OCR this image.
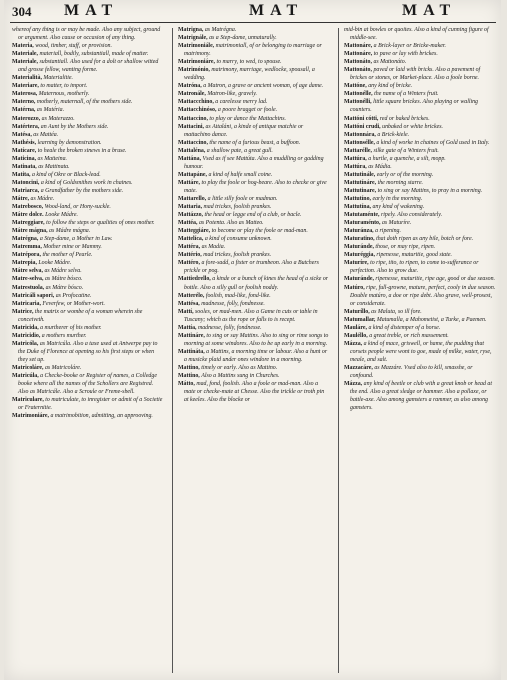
304 MAT	MAT	MAT

whereof any thing is or may be made. Also any subject, ground or argument. Also cause or occasion of any thing.

Materia, wood, timber, stuff, or provision.

Materiale, materiall, bodily, substantiall, made of matter.

Materiale, substantiall. Also used for a dolt or shallow witted and grosse fellow, wanting forme.

Materialità, Materialitie.

Materiare, to matter, to import.

Materosa, Maternous, motherly.

Materno, motherly, maternall, of the mothers side.

Matérna, as Matéria.

Materozzo, as Materazzo.

Matértera, an Aunt by the Mothers side.

Matésa, as Mattéa.

Mathésis, learning by demonstration.

Matícare, to heale the broken sinews in a bruse.

Maticina, as Matteina.

Matinata, as Mattinata.

Matita, a kind of Okre or Black-lead.

Matoncini, a kind of Goldsmithes work in chaines.

Matriarca, a Grandfather by the mothers side.

Mátre, as Mádre.

Matrebosco, Wood-land, or Hony-suckle.

Mátre dolce. Looke Mádre.

Matreggiare, to follow the steps or qualities of ones mother.

Mátre mágna, as Mádre mágna.

Matrégna, a Step-dame, a Mother in Law.

Matremma, Mother mine or Mammy.

Matrépora, the mother of Pearle.

Matrepia, Looke Mádre.

Mátre selva, as Mádre selva.

Matre-selva, as Mátre bósco.

Matrestuola, as Mátre bósco.

Matricáli sapori, as Profocatine.

Matricaria, Feverfew, or Mother-wort.

Matrice, the matrix or wombe of a woman wherein she conceiveth.

Matricida, a murtherer of his mother.

Matricidio, a mothers murther.

Matricóla, as Matricúla. Also a taxe used at Antwerpe pay to the Duke of Florence at opening so his first steps or when they set up.

Matricoláre, as Matricoláre.

Matricúla, a Checke-booke or Register of names, a Colledge booke where all the names of the Schollers are Registred. Also as Matricále. Also a Scroule or Freme-sbell.

Matriculare, to matriculate, to inregister or admit of a Societie or Fraternitie.

Matrimoniáre, a matrimobition, admitting, an approoving.

Matrigna, as Matrégna.

Matrignále, as a Step-dame, unnaturally.

Matrimoniále, matrimoniall, of or belonging to marriage or matrimony.

Matrimoniáre, to marry, to wed, to spouse.

Matrimónio, matrimony, marriage, wedlocke, spousall, a wedding.

Matróna, a Matron, a grave or ancient woman, of age dame.

Matronále, Matron-like, gravely.

Mattaccchino, a carelesse merry lad.

Mattacchinóso, a poore bragget or foole.

Mattaccino, to play or dance the Mattachins.

Mattacini, as Attaláni, a kinde of antique matchie or mattachino dance.

Mattaccino, the name of a furious beast, a buffoon.

Mattaléna, a shallow pate, a great gull.

Mattána, Vsed as if see Mattúta. Also a muddling or gadding humour.

Mattapáne, a kind of halfe small coine.

Mattáre, to play the foole or hog-beare. Also to checke or give mate.

Mattarello, a little silly foole or madman.

Mattaria, mad trickes, foolish prankes.

Mattázzo, the head or legge end of a club, or bacle.

Mattéa, as Potenta. Also as Matteo.

Matteggiáre, to become or play the foole or mad-man.

Mattelíca, a kind of consume unknown.

Mattéra, as Madia.

Mattério, mad trickes, foolish prankes.

Mattéro, a fore-sadd, a fixter or trumbeon. Also a Butchers prickle or pog.

Mattiedrello, a kinde or a bunch of kines the head of a sicke or bottle. Also a silly gull or foolish noddy.

Matterélo, foolish, mad-like, fond-like.

Mattésa, madnesse, folly, fondnesse.

Mattí, sooles, or mad-men. Also a Game in cuts or table in Tuscany; which as the rope or falls to is recept.

Mattía, madnesse, folly, fondnesse.

Mattináre, to sing or say Mattins. Also to sing or rime songs to morning at some windores. Also to be up early in a morning.

Mattináta, a Mattins, a morning time or labour. Also a hunt or a musicke plaid under ones windore in a morning.

Mattino, timely or early. Also as Mattino.

Mattino, Also a Mattins sung in Churches.

Mátto, mad, fond, foolish. Also a foole or mad-man. Also a mate or checke-mate at Chesse. Also the trickle or troth pin at keeles. Also the blocke or

mid-bin at bowles or quoites. Also a kind of cunning figure of middle-see.

Mattonáre, a Brick-layer or Bricke-maker.

Mattonáre, to pave or lay with brickes.

Mattonáto, as Mattonáto.

Mattonáto, paved or laid with bricks. Also a pavement of brickes or stones, or Market-place. Also a foole borne.

Mattóne, any kind of bricke.

Mattonélle, the name of a Winters fruit.

Mattonélli, little square brickes. Also playing or walling counters.

Mattóni cótti, red or baked brickes.

Mattóni crudi, unbaked or white brickes.

Mattonnára, a Brick-kiele.

Mattonsélle, a kind of worke in chaines of Gold used in Italy.

Mattarélle, silke gate of a Winters fruit.

Mattúra, a hurtle, a quenche, a silt, mopp.

Mattúra, as Mádia.

Mattutinále, early or of the morning.

Mattutínáre, the morning starre.

Mattutinare, to sing or say Mattins, to pray in a morning.

Mattutíno, early in the morning.

Mattutína, any kind of wakening.

Matutaménte, ripely. Also considerately.

Maturaménto, as Maturíre.

Maturánza, a ripening.

Maturatino, that doth ripen as any bile, botch or fore.

Maturánde, those, or may ripe, ripen.

Maturéggia, ripenesse, maturitie, good state.

Maturíre, to ripe, tito, to ripen, to come to-sufferance or perfection. Also to grow due.

Maturánde, ripenesse, maturitie, ripe age, good or due season.

Matúro, ripe, full-growne, mature, perfect, cooly in due season. Double matúro, a doe or ripe debt. Also grave, well-prosest, or considerate.

Maturíllo, as Maluta, so ill fore.

Matumallar, Matumalla, a Mahometist, a Turke, a Paemen.

Mauláre, a kind of distemper of a horse.

Mauléllo, a great treble, or rich massement.

Mázza, a kind of mace, griswell, or hame, the pudding that corsets people were wont to goe, made of milke, water, ryse, meale, and salt.

Mazzacáre, as Mazzáre. Vsed also to kill, smasshe, or confound.

Mázza, any kind of beetle or club with a great knob or head at the end. Also a great sledge or hammer. Also a pollaxe, or battle-axe. Also among gamsters a rammer, as also among gamsters.
